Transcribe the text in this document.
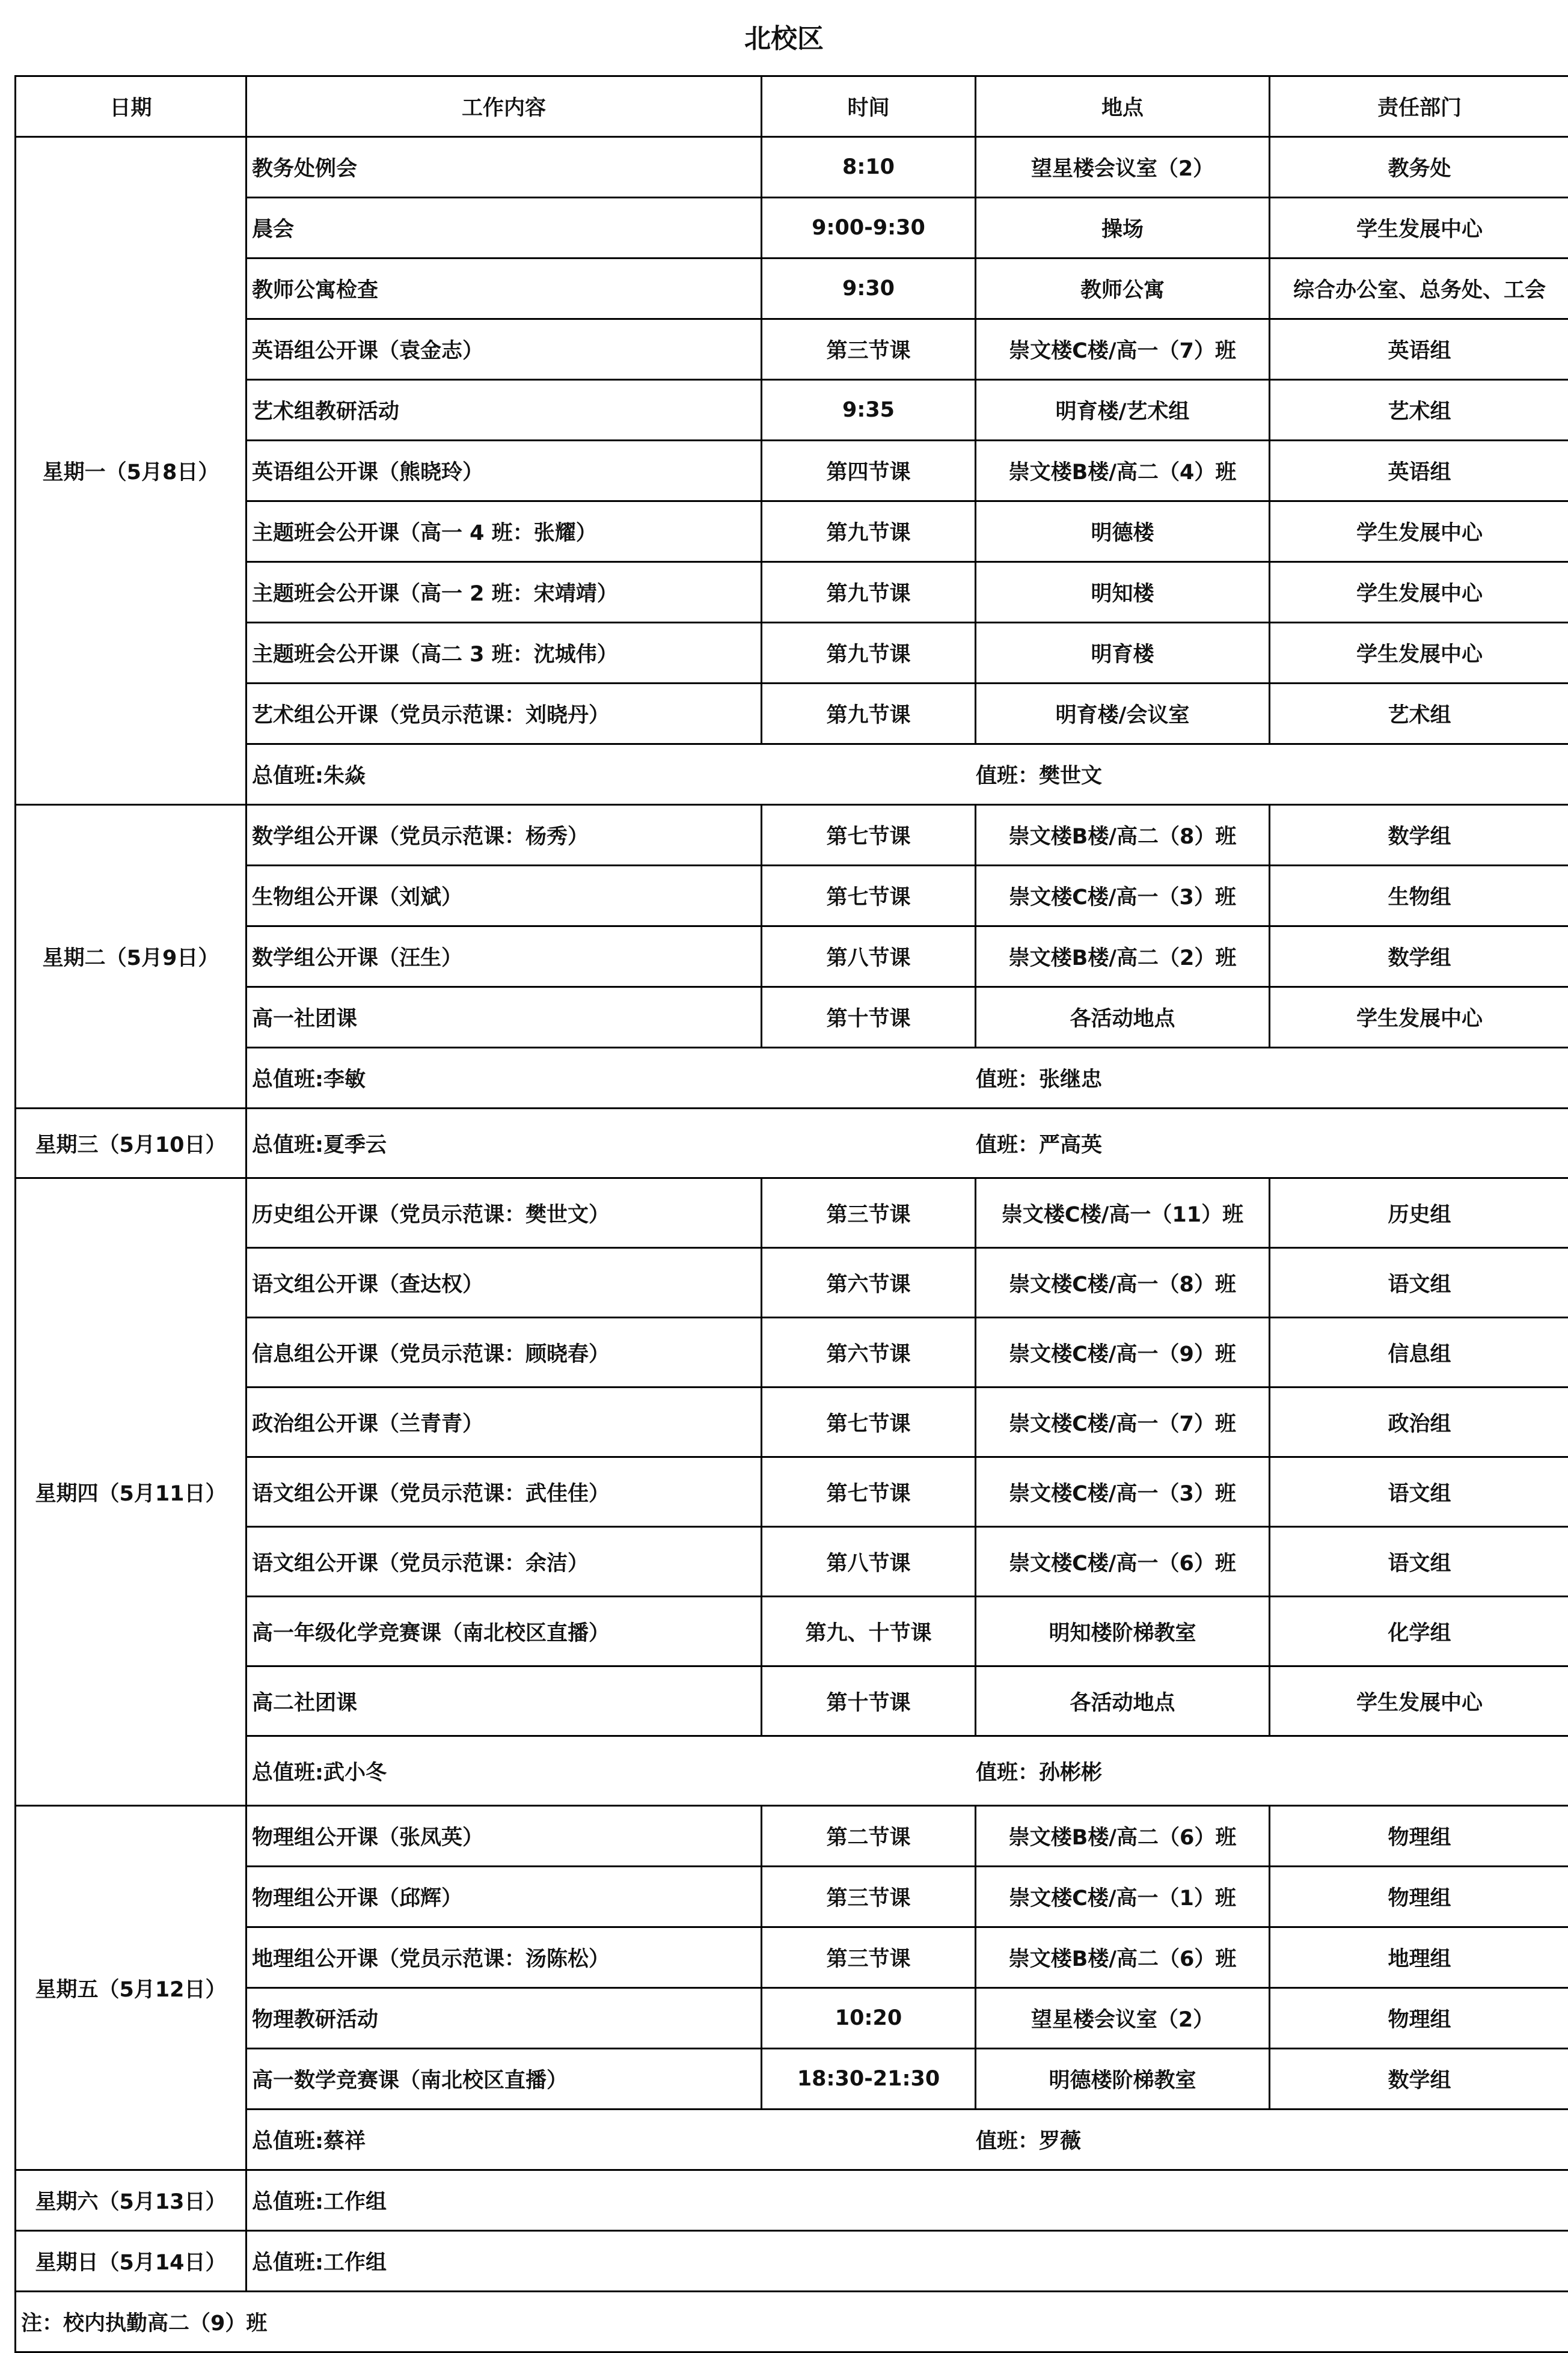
北校区
日期	工作内容	时间	地点	责任部门
星期一（5月8日）	教务处例会	8:10	望星楼会议室（2）	教务处
	晨会	9:00-9:30	操场	学生发展中心
	教师公寓检查	9:30	教师公寓	综合办公室、总务处、工会
	英语组公开课（袁金志）	第三节课	崇文楼C楼/高一（7）班	英语组
	艺术组教研活动	9:35	明育楼/艺术组	艺术组
	英语组公开课（熊晓玲）	第四节课	崇文楼B楼/高二（4）班	英语组
	主题班会公开课（高一 4 班：张耀）	第九节课	明德楼	学生发展中心
	主题班会公开课（高一 2 班：宋靖靖）	第九节课	明知楼	学生发展中心
	主题班会公开课（高二 3 班：沈城伟）	第九节课	明育楼	学生发展中心
	艺术组公开课（党员示范课：刘晓丹）	第九节课	明育楼/会议室	艺术组

	总值班:朱焱 值班：樊世文			

星期二（5月9日）	数学组公开课（党员示范课：杨秀）	第七节课	崇文楼B楼/高二（8）班	数学组
	生物组公开课（刘斌）	第七节课	崇文楼C楼/高一（3）班	生物组
	数学组公开课（汪生）	第八节课	崇文楼B楼/高二（2）班	数学组
	高一社团课	第十节课	各活动地点	学生发展中心

	总值班:李敏 值班：张继忠			

星期三（5月10日）	总值班:夏季云 值班：严高英			

星期四（5月11日）	历史组公开课（党员示范课：樊世文）	第三节课	崇文楼C楼/高一（11）班	历史组
	语文组公开课（查达权）	第六节课	崇文楼C楼/高一（8）班	语文组
	信息组公开课（党员示范课：顾晓春）	第六节课	崇文楼C楼/高一（9）班	信息组
	政治组公开课（兰青青）	第七节课	崇文楼C楼/高一（7）班	政治组
	语文组公开课（党员示范课：武佳佳）	第七节课	崇文楼C楼/高一（3）班	语文组
	语文组公开课（党员示范课：余洁）	第八节课	崇文楼C楼/高一（6）班	语文组
	高一年级化学竞赛课（南北校区直播）	第九、十节课	明知楼阶梯教室	化学组
	高二社团课	第十节课	各活动地点	学生发展中心

	总值班:武小冬 值班：孙彬彬			

星期五（5月12日）	物理组公开课（张凤英）	第二节课	崇文楼B楼/高二（6）班	物理组
	物理组公开课（邱辉）	第三节课	崇文楼C楼/高一（1）班	物理组
	地理组公开课（党员示范课：汤陈松）	第三节课	崇文楼B楼/高二（6）班	地理组
	物理教研活动	10:20	望星楼会议室（2）	物理组
	高一数学竞赛课（南北校区直播）	18:30-21:30	明德楼阶梯教室	数学组

	总值班:蔡祥 值班：罗薇			

星期六（5月13日）	总值班:工作组			

星期日（5月14日）	总值班:工作组			

注：校内执勤高二（9）班				
